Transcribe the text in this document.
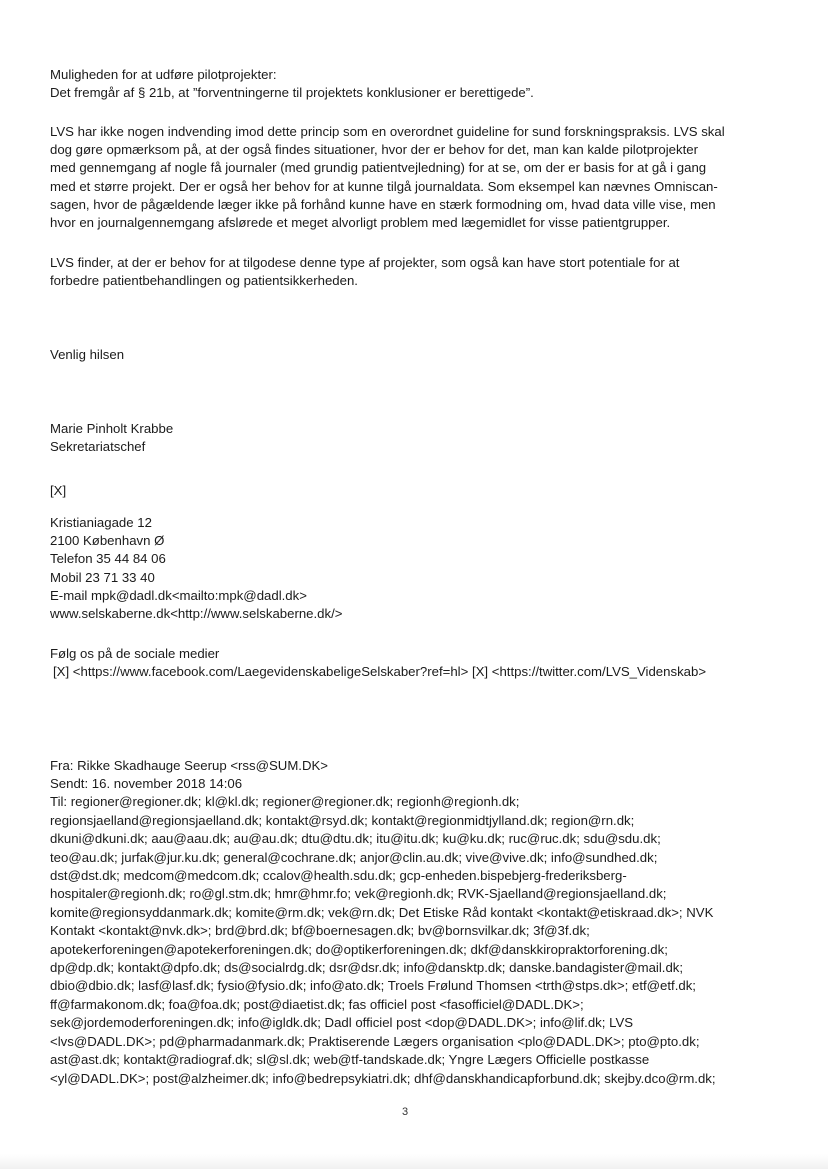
Muligheden for at udføre pilotprojekter:
Det fremgår af § 21b, at ”forventningerne til projektets konklusioner er berettigede”.
LVS har ikke nogen indvending imod dette princip som en overordnet guideline for sund forskningspraksis. LVS skal
dog gøre opmærksom på, at der også findes situationer, hvor der er behov for det, man kan kalde pilotprojekter
med gennemgang af nogle få journaler (med grundig patientvejledning) for at se, om der er basis for at gå i gang
med et større projekt. Der er også her behov for at kunne tilgå journaldata. Som eksempel kan nævnes Omniscan-
sagen, hvor de pågældende læger ikke på forhånd kunne have en stærk formodning om, hvad data ville vise, men
hvor en journalgennemgang afslørede et meget alvorligt problem med lægemidlet for visse patientgrupper.
LVS finder, at der er behov for at tilgodese denne type af projekter, som også kan have stort potentiale for at
forbedre patientbehandlingen og patientsikkerheden.
Venlig hilsen
Marie Pinholt Krabbe
Sekretariatschef
[X]
Kristianiagade 12
2100 København Ø
Telefon 35 44 84 06
Mobil 23 71 33 40
E-mail mpk@dadl.dk<mailto:mpk@dadl.dk>
www.selskaberne.dk<http://www.selskaberne.dk/>
Følg os på de sociale medier
[X] <https://www.facebook.com/LaegevidenskabeligeSelskaber?ref=hl> [X] <https://twitter.com/LVS_Videnskab>
Fra: Rikke Skadhauge Seerup <rss@SUM.DK>
Sendt: 16. november 2018 14:06
Til: regioner@regioner.dk; kl@kl.dk; regioner@regioner.dk; regionh@regionh.dk;
regionsjaelland@regionsjaelland.dk; kontakt@rsyd.dk; kontakt@regionmidtjylland.dk; region@rn.dk;
dkuni@dkuni.dk; aau@aau.dk; au@au.dk; dtu@dtu.dk; itu@itu.dk; ku@ku.dk; ruc@ruc.dk; sdu@sdu.dk;
teo@au.dk; jurfak@jur.ku.dk; general@cochrane.dk; anjor@clin.au.dk; vive@vive.dk; info@sundhed.dk;
dst@dst.dk; medcom@medcom.dk; ccalov@health.sdu.dk; gcp-enheden.bispebjerg-frederiksberg-
hospitaler@regionh.dk; ro@gl.stm.dk; hmr@hmr.fo; vek@regionh.dk; RVK-Sjaelland@regionsjaelland.dk;
komite@regionsyddanmark.dk; komite@rm.dk; vek@rn.dk; Det Etiske Råd kontakt <kontakt@etiskraad.dk>; NVK
Kontakt <kontakt@nvk.dk>; brd@brd.dk; bf@boernesagen.dk; bv@bornsvilkar.dk; 3f@3f.dk;
apotekerforeningen@apotekerforeningen.dk; do@optikerforeningen.dk; dkf@danskkiropraktorforening.dk;
dp@dp.dk; kontakt@dpfo.dk; ds@socialrdg.dk; dsr@dsr.dk; info@dansktp.dk; danske.bandagister@mail.dk;
dbio@dbio.dk; lasf@lasf.dk; fysio@fysio.dk; info@ato.dk; Troels Frølund Thomsen <trth@stps.dk>; etf@etf.dk;
ff@farmakonom.dk; foa@foa.dk; post@diaetist.dk; fas officiel post <fasofficiel@DADL.DK>;
sek@jordemoderforeningen.dk; info@igldk.dk; Dadl officiel post <dop@DADL.DK>; info@lif.dk; LVS
<lvs@DADL.DK>; pd@pharmadanmark.dk; Praktiserende Lægers organisation <plo@DADL.DK>; pto@pto.dk;
ast@ast.dk; kontakt@radiograf.dk; sl@sl.dk; web@tf-tandskade.dk; Yngre Lægers Officielle postkasse
<yl@DADL.DK>; post@alzheimer.dk; info@bedrepsykiatri.dk; dhf@danskhandicapforbund.dk; skejby.dco@rm.dk;
3
